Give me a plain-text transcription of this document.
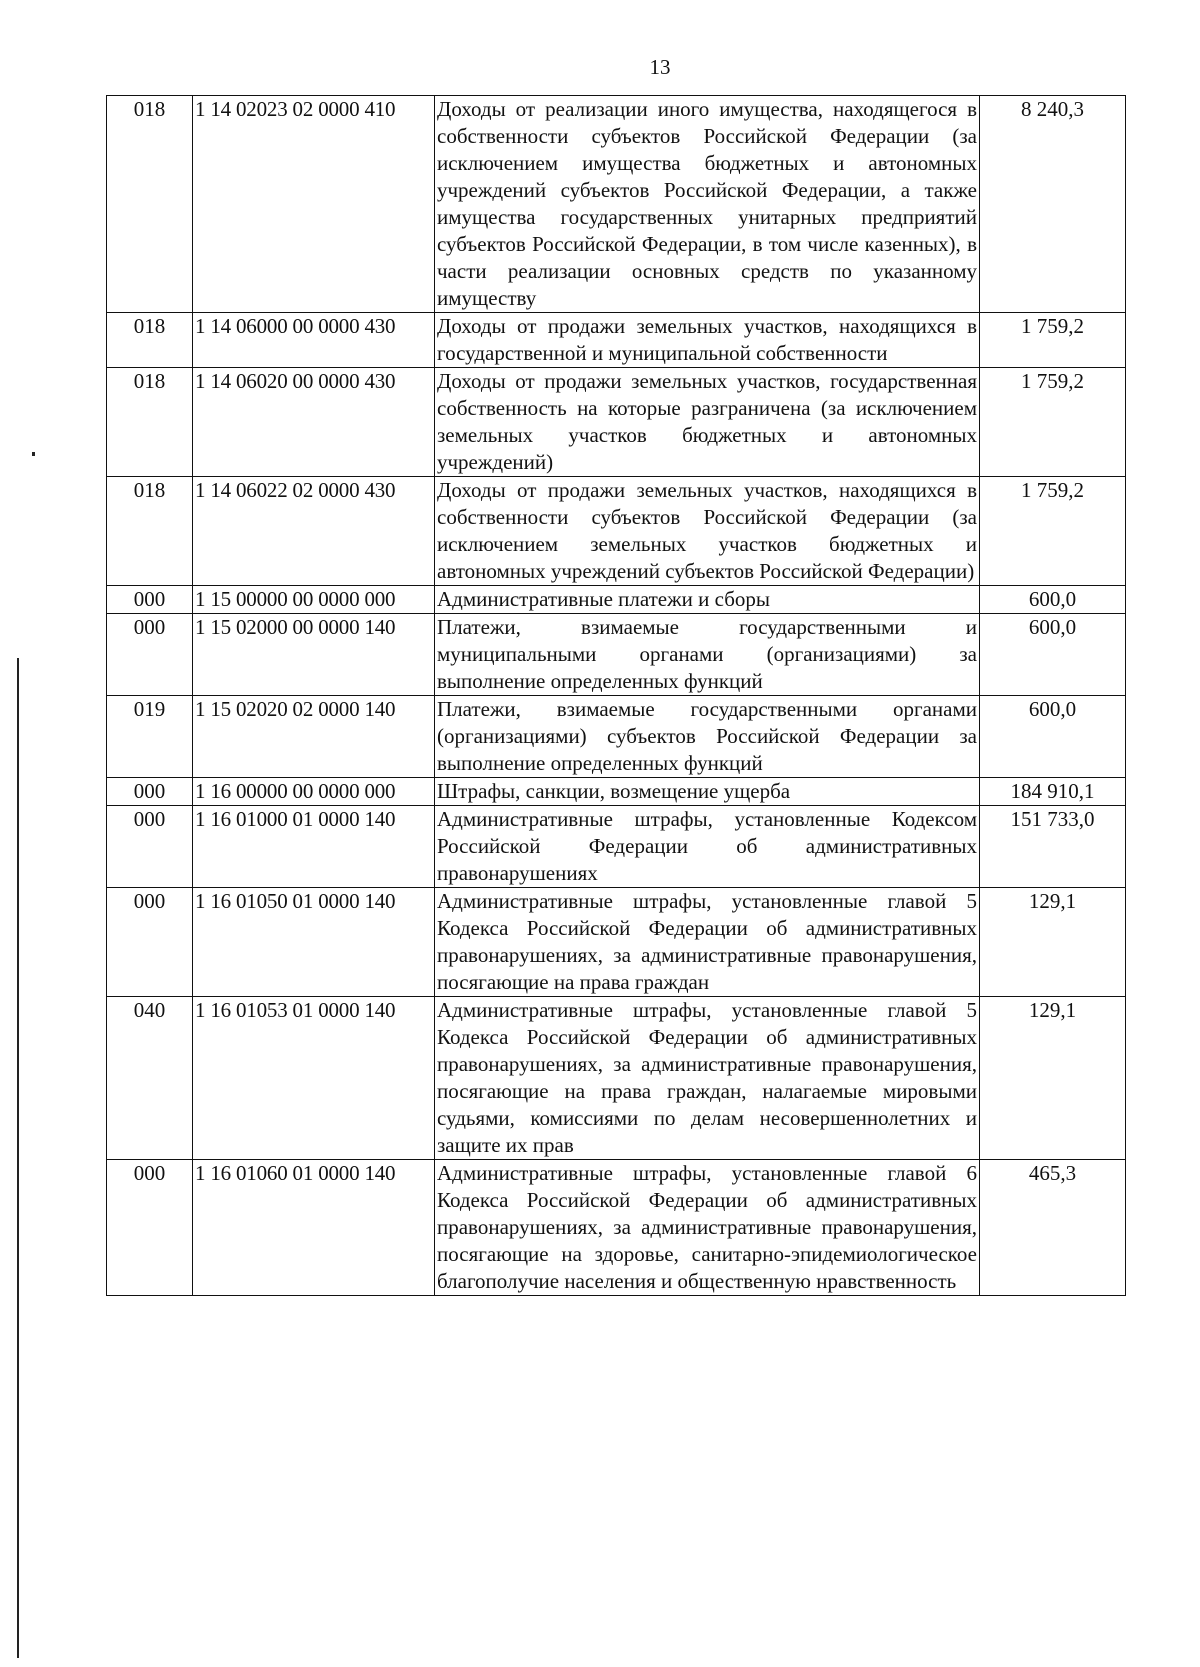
13
018	1 14 02023 02 0000 410	Доходы от реализации иного имущества, находящегося в собственности субъектов Российской Федерации (за исключением имущества бюджетных и автономных учреждений субъектов Российской Федерации, а также имущества государственных унитарных предприятий субъектов Российской Федерации, в том числе казенных), в части реализации основных средств по указанному имуществу	8 240,3
018	1 14 06000 00 0000 430	Доходы от продажи земельных участков, находящихся в государственной и муниципальной собственности	1 759,2
018	1 14 06020 00 0000 430	Доходы от продажи земельных участков, государственная собственность на которые разграничена (за исключением земельных участков бюджетных и автономных учреждений)	1 759,2
018	1 14 06022 02 0000 430	Доходы от продажи земельных участков, находящихся в собственности субъектов Российской Федерации (за исключением земельных участков бюджетных и автономных учреждений субъектов Российской Федерации)	1 759,2
000	1 15 00000 00 0000 000	Административные платежи и сборы	600,0
000	1 15 02000 00 0000 140	Платежи, взимаемые государственными и муниципальными органами (организациями) за выполнение определенных функций	600,0
019	1 15 02020 02 0000 140	Платежи, взимаемые государственными органами (организациями) субъектов Российской Федерации за выполнение определенных функций	600,0
000	1 16 00000 00 0000 000	Штрафы, санкции, возмещение ущерба	184 910,1
000	1 16 01000 01 0000 140	Административные штрафы, установленные Кодексом Российской Федерации об административных правонарушениях	151 733,0
000	1 16 01050 01 0000 140	Административные штрафы, установленные главой 5 Кодекса Российской Федерации об административных правонарушениях, за административные правонарушения, посягающие на права граждан	129,1
040	1 16 01053 01 0000 140	Административные штрафы, установленные главой 5 Кодекса Российской Федерации об административных правонарушениях, за административные правонарушения, посягающие на права граждан, налагаемые мировыми судьями, комиссиями по делам несовершеннолетних и защите их прав	129,1
000	1 16 01060 01 0000 140	Административные штрафы, установленные главой 6 Кодекса Российской Федерации об административных правонарушениях, за административные правонарушения, посягающие на здоровье, санитарно-эпидемиологическое благополучие населения и общественную нравственность	465,3
